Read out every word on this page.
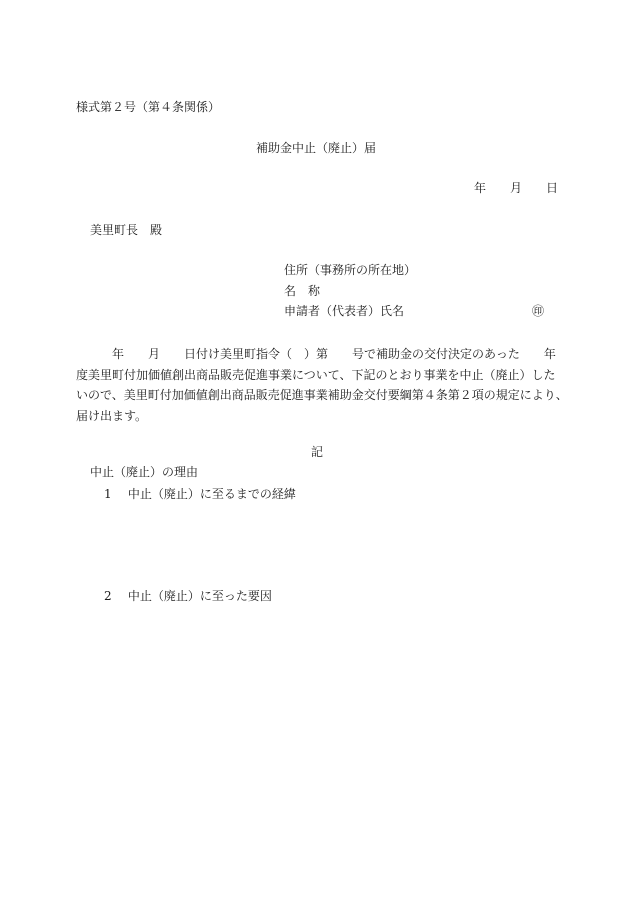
様式第２号（第４条関係）
補助金中止（廃止）届
年 月 日
美里町長　殿
住所（事務所の所在地）
名　称
申請者（代表者）氏名	㊞
年　　月　　日付け美里町指令（　）第　　号で補助金の交付決定のあった　　年
度美里町付加価値創出商品販売促進事業について、下記のとおり事業を中止（廃止）した
いので、美里町付加価値創出商品販売促進事業補助金交付要綱第４条第２項の規定により、
届け出ます。
記
中止（廃止）の理由
1 中止（廃止）に至るまでの経緯
2 中止（廃止）に至った要因
